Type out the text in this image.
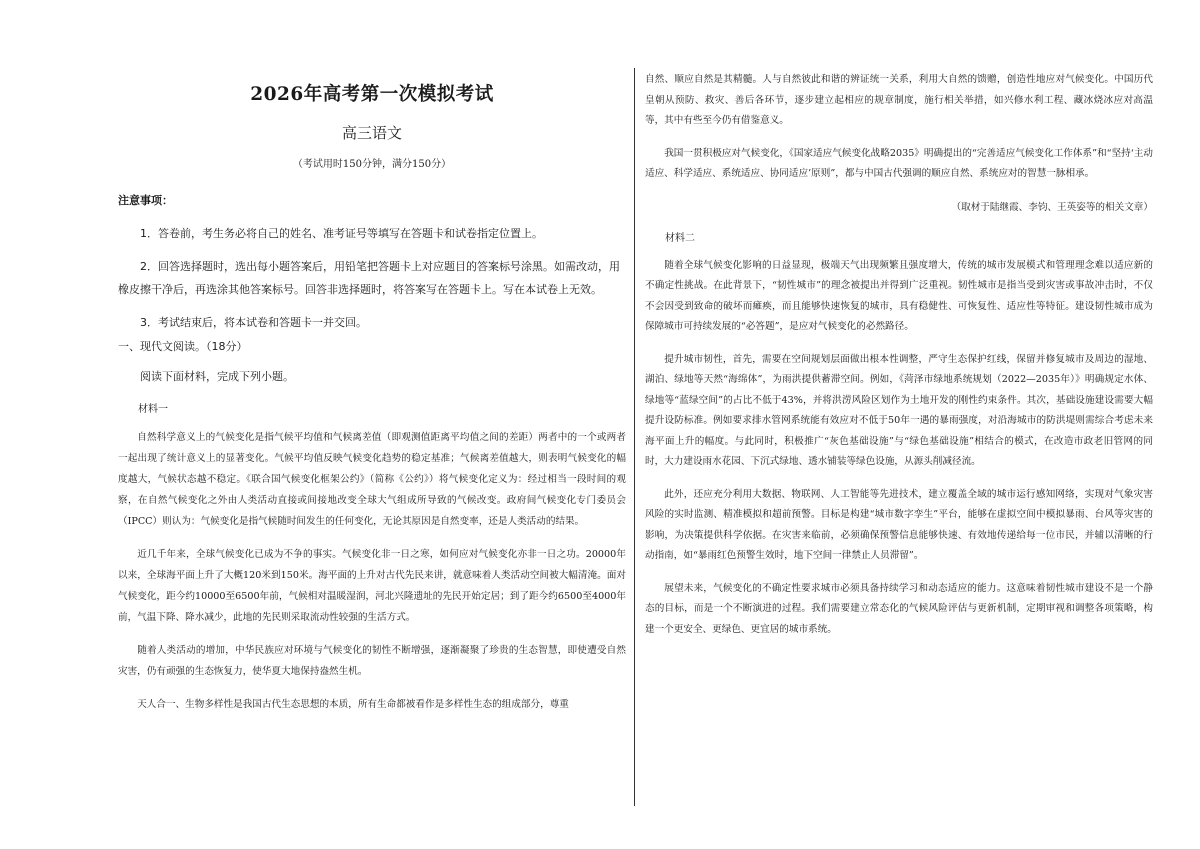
2026年高考第一次模拟考试
高三语文
（考试用时150分钟，满分150分）
注意事项：
1．答卷前，考生务必将自己的姓名、准考证号等填写在答题卡和试卷指定位置上。
2．回答选择题时，选出每小题答案后，用铅笔把答题卡上对应题目的答案标号涂黑。如需改动，用橡皮擦干净后，再选涂其他答案标号。回答非选择题时，将答案写在答题卡上。写在本试卷上无效。
3．考试结束后，将本试卷和答题卡一并交回。
一、现代文阅读。（18分）
阅读下面材料，完成下列小题。
材料一
自然科学意义上的气候变化是指气候平均值和气候离差值（即观测值距离平均值之间的差距）两者中的一个或两者一起出现了统计意义上的显著变化。气候平均值反映气候变化趋势的稳定基准；气候离差值越大，则表明气候变化的幅度越大，气候状态越不稳定。《联合国气候变化框架公约》（简称《公约》）将气候变化定义为：经过相当一段时间的观察，在自然气候变化之外由人类活动直接或间接地改变全球大气组成所导致的气候改变。政府间气候变化专门委员会（IPCC）则认为：气候变化是指气候随时间发生的任何变化，无论其原因是自然变率，还是人类活动的结果。
近几千年来，全球气候变化已成为不争的事实。气候变化非一日之寒，如何应对气候变化亦非一日之功。20000年以来，全球海平面上升了大概120米到150米。海平面的上升对古代先民来讲，就意味着人类活动空间被大幅清淹。面对气候变化，距今约10000至6500年前，气候相对温暖湿润，河北兴隆遗址的先民开始定居；到了距今约6500至4000年前，气温下降、降水减少，此地的先民则采取流动性较强的生活方式。
随着人类活动的增加，中华民族应对环境与气候变化的韧性不断增强，逐渐凝聚了珍贵的生态智慧，即使遭受自然灾害，仍有顽强的生态恢复力，使华夏大地保持盎然生机。
天人合一、生物多样性是我国古代生态思想的本质，所有生命都被看作是多样性生态的组成部分，尊重
自然、顺应自然是其精髓。人与自然彼此和谐的辨证统一关系，利用大自然的馈赠，创造性地应对气候变化。中国历代皇朝从预防、救灾、善后各环节，逐步建立起相应的规章制度，施行相关举措，如兴修水利工程、藏冰烧冰应对高温等，其中有些至今仍有借鉴意义。
我国一贯积极应对气候变化，《国家适应气候变化战略2035》明确提出的“完善适应气候变化工作体系”和“坚持‘主动适应、科学适应、系统适应、协同适应’原则”，都与中国古代强调的顺应自然、系统应对的智慧一脉相承。
（取材于陆继霞、李钧、王英姿等的相关文章）
材料二
随着全球气候变化影响的日益显现，极端天气出现频繁且强度增大，传统的城市发展模式和管理理念难以适应新的不确定性挑战。在此背景下，“韧性城市”的理念被提出并得到广泛重视。韧性城市是指当受到灾害或事故冲击时，不仅不会因受到致命的破坏而瘫痪，而且能够快速恢复的城市，具有稳健性、可恢复性、适应性等特征。建设韧性城市成为保障城市可持续发展的“必答题”，是应对气候变化的必然路径。
提升城市韧性，首先，需要在空间规划层面做出根本性调整，严守生态保护红线，保留并修复城市及周边的湿地、湖泊、绿地等天然“海绵体”，为雨洪提供蓄滞空间。例如，《菏泽市绿地系统规划（2022—2035年）》明确规定水体、绿地等“蓝绿空间”的占比不低于43%，并将洪涝风险区划作为土地开发的刚性约束条件。其次，基础设施建设需要大幅提升设防标准。例如要求排水管网系统能有效应对不低于50年一遇的暴雨强度，对沿海城市的防洪堤则需综合考虑未来海平面上升的幅度。与此同时，积极推广“灰色基础设施”与“绿色基础设施”相结合的模式，在改造市政老旧管网的同时，大力建设雨水花园、下沉式绿地、透水铺装等绿色设施，从源头削减径流。
此外，还应充分利用大数据、物联网、人工智能等先进技术，建立覆盖全域的城市运行感知网络，实现对气象灾害风险的实时监测、精准模拟和超前预警。目标是构建“城市数字孪生”平台，能够在虚拟空间中模拟暴雨、台风等灾害的影响，为决策提供科学依据。在灾害来临前，必须确保预警信息能够快速、有效地传递给每一位市民，并辅以清晰的行动指南，如“暴雨红色预警生效时，地下空间一律禁止人员滞留”。
展望未来，气候变化的不确定性要求城市必须具备持续学习和动态适应的能力。这意味着韧性城市建设不是一个静态的目标，而是一个不断演进的过程。我们需要建立常态化的气候风险评估与更新机制，定期审视和调整各项策略，构建一个更安全、更绿色、更宜居的城市系统。
